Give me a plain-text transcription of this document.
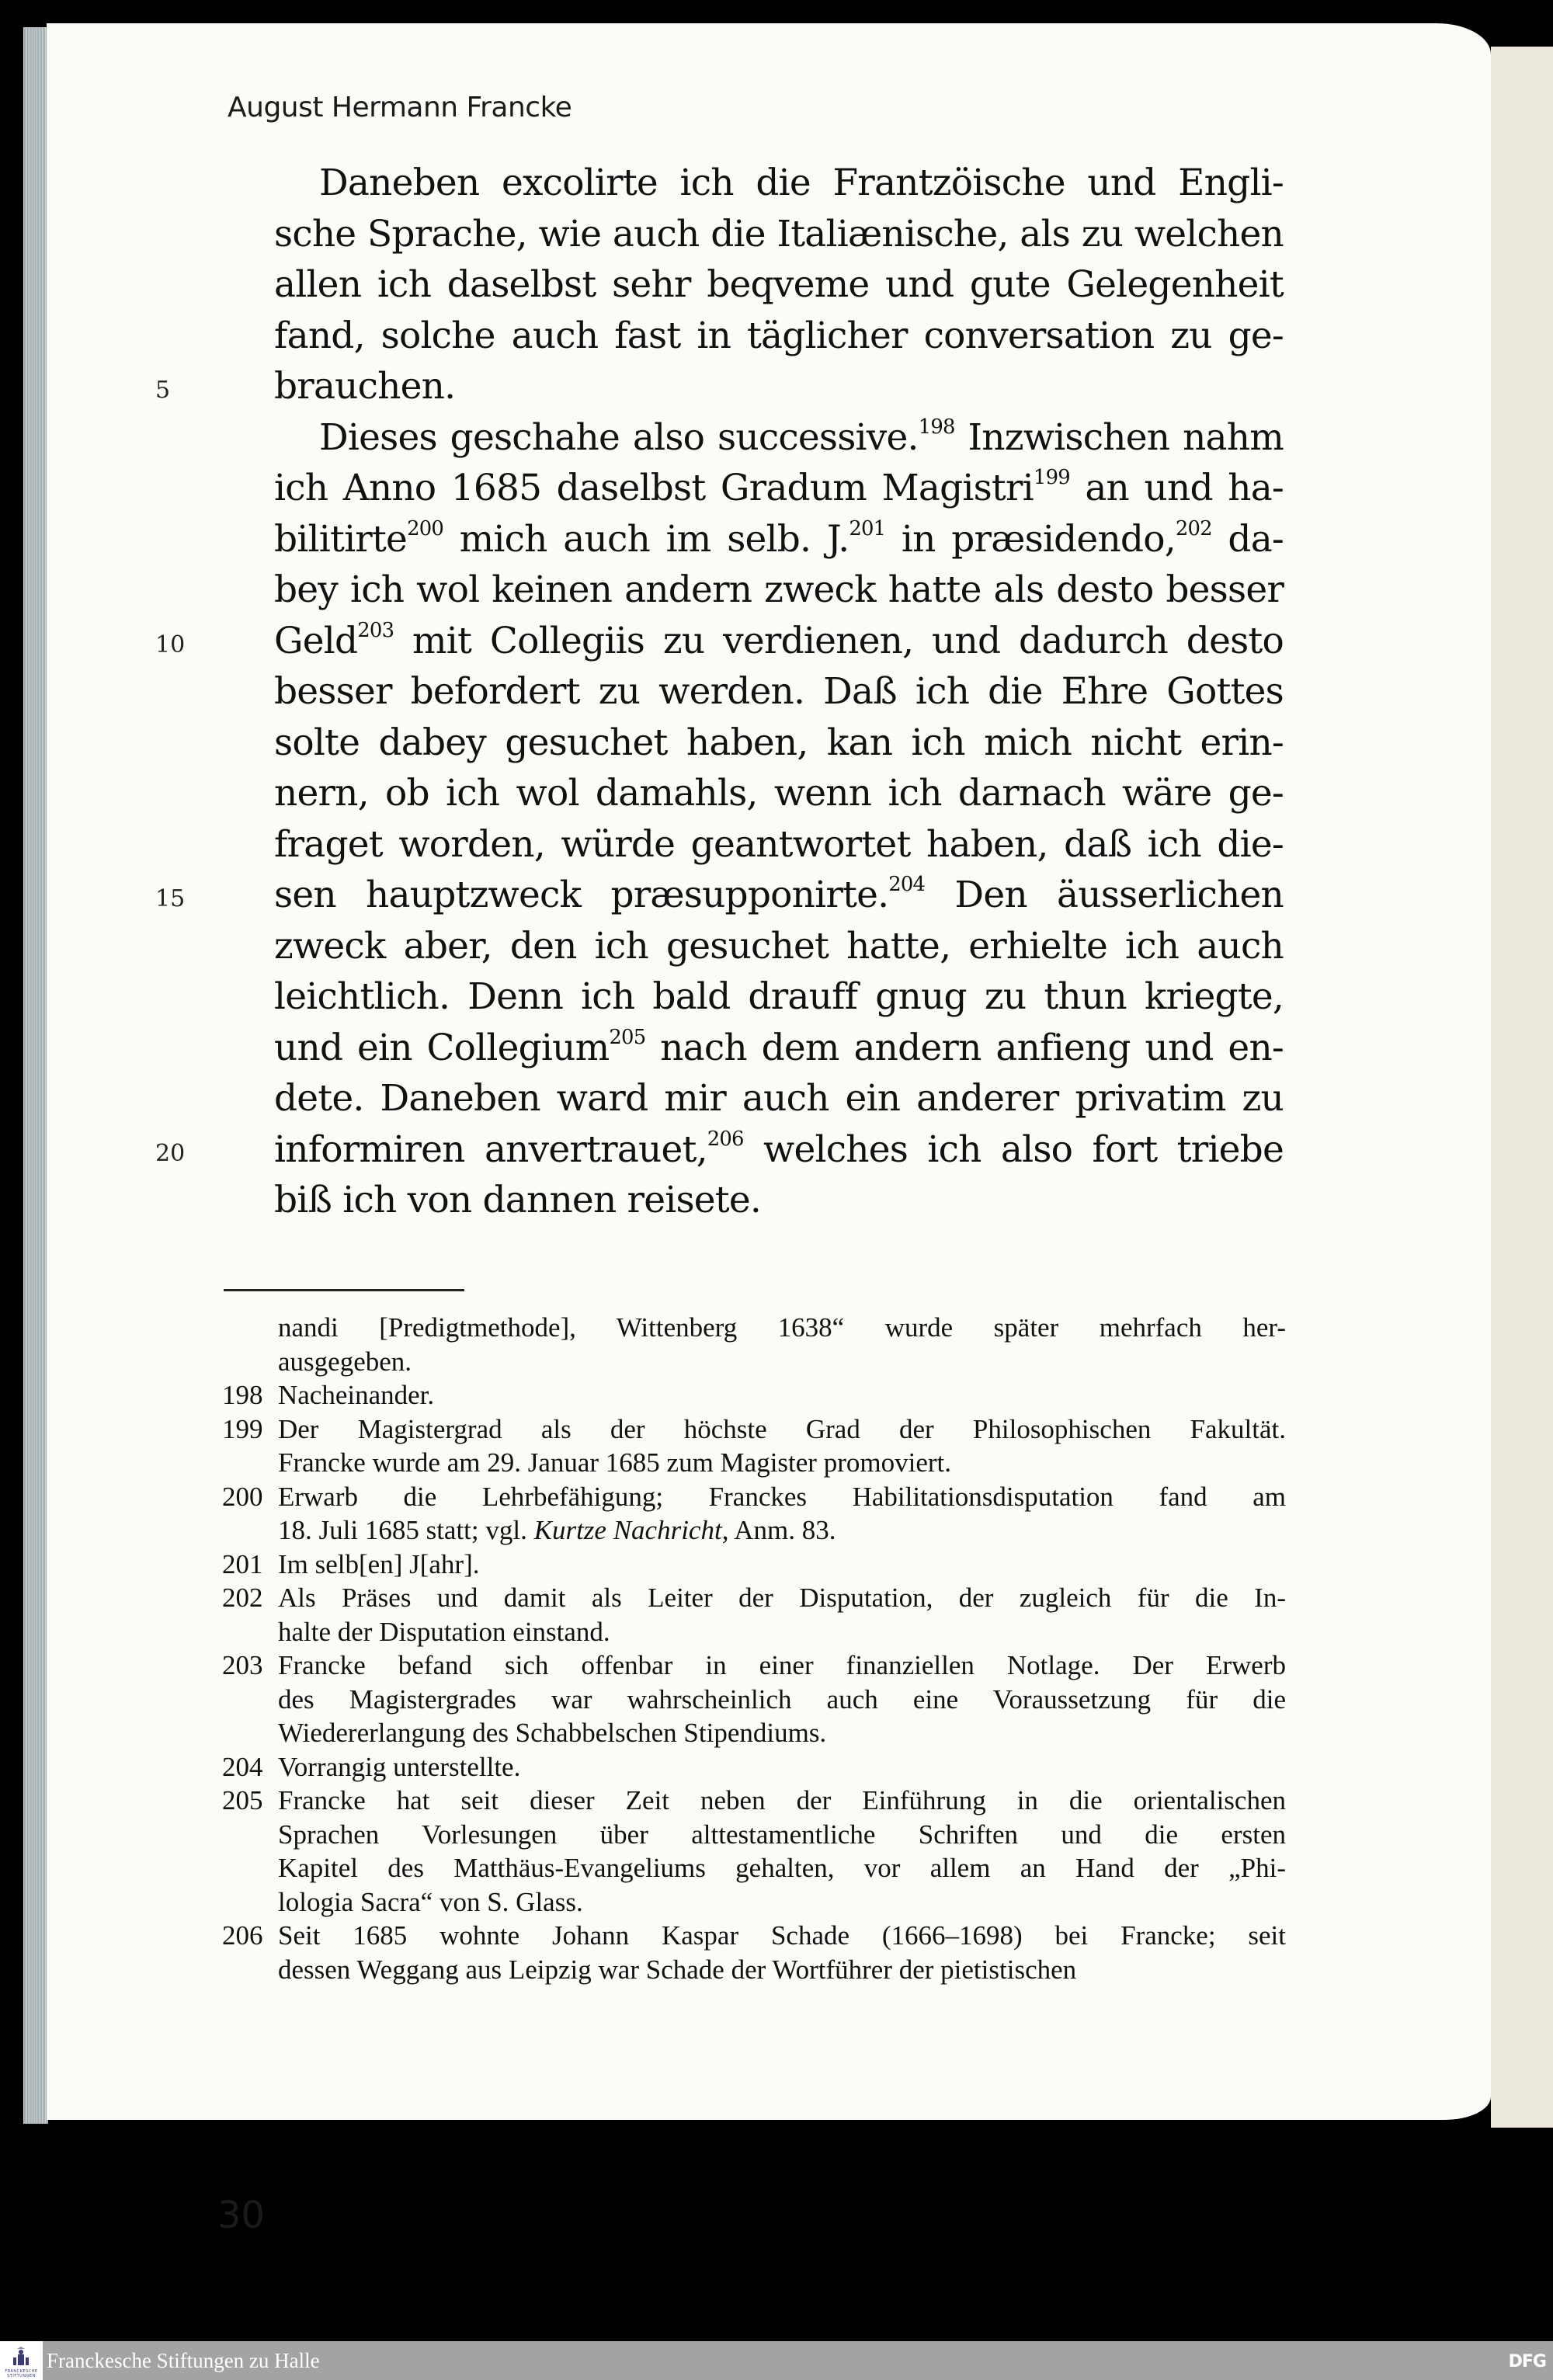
August Hermann Francke
Daneben excolirte ich die Frantzöische und Engli-
sche Sprache, wie auch die Italiænische, als zu welchen
allen ich daselbst sehr beqveme und gute Gelegenheit
fand, solche auch fast in täglicher conversation zu ge-
brauchen.
Dieses geschahe also successive.$^{198}$ Inzwischen nahm
ich Anno 1685 daselbst Gradum Magistri$^{199}$ an und ha-
bilitirte$^{200}$ mich auch im selb. J.$^{201}$ in præsidendo,$^{202}$ da-
bey ich wol keinen andern zweck hatte als desto besser
Geld$^{203}$ mit Collegiis zu verdienen, und dadurch desto
besser befordert zu werden. Daß ich die Ehre Gottes
solte dabey gesuchet haben, kan ich mich nicht erin-
nern, ob ich wol damahls, wenn ich darnach wäre ge-
fraget worden, würde geantwortet haben, daß ich die-
sen hauptzweck præsupponirte.$^{204}$ Den äusserlichen
zweck aber, den ich gesuchet hatte, erhielte ich auch
leichtlich. Denn ich bald drauff gnug zu thun kriegte,
und ein Collegium$^{205}$ nach dem andern anfieng und en-
dete. Daneben ward mir auch ein anderer privatim zu
informiren anvertrauet,$^{206}$ welches ich also fort triebe
biß ich von dannen reisete.
5
10
15
20
nandi [Predigtmethode], Wittenberg 1638“ wurde später mehrfach her-
ausgegeben.
198 Nacheinander.
199 Der Magistergrad als der höchste Grad der Philosophischen Fakultät.
Francke wurde am 29. Januar 1685 zum Magister promoviert.
200 Erwarb die Lehrbefähigung; Franckes Habilitationsdisputation fand am
18. Juli 1685 statt; vgl. Kurtze Nachricht, Anm. 83.
201 Im selb[en] J[ahr].
202 Als Präses und damit als Leiter der Disputation, der zugleich für die In-
halte der Disputation einstand.
203 Francke befand sich offenbar in einer finanziellen Notlage. Der Erwerb
des Magistergrades war wahrscheinlich auch eine Voraussetzung für die
Wiedererlangung des Schabbelschen Stipendiums.
204 Vorrangig unterstellte.
205 Francke hat seit dieser Zeit neben der Einführung in die orientalischen
Sprachen Vorlesungen über alttestamentliche Schriften und die ersten
Kapitel des Matthäus-Evangeliums gehalten, vor allem an Hand der „Phi-
lologia Sacra“ von S. Glass.
206 Seit 1685 wohnte Johann Kaspar Schade (1666–1698) bei Francke; seit
dessen Weggang aus Leipzig war Schade der Wortführer der pietistischen
30
FRANCKESCHE STIFTUNGEN
Franckesche Stiftungen zu Halle	DFG
